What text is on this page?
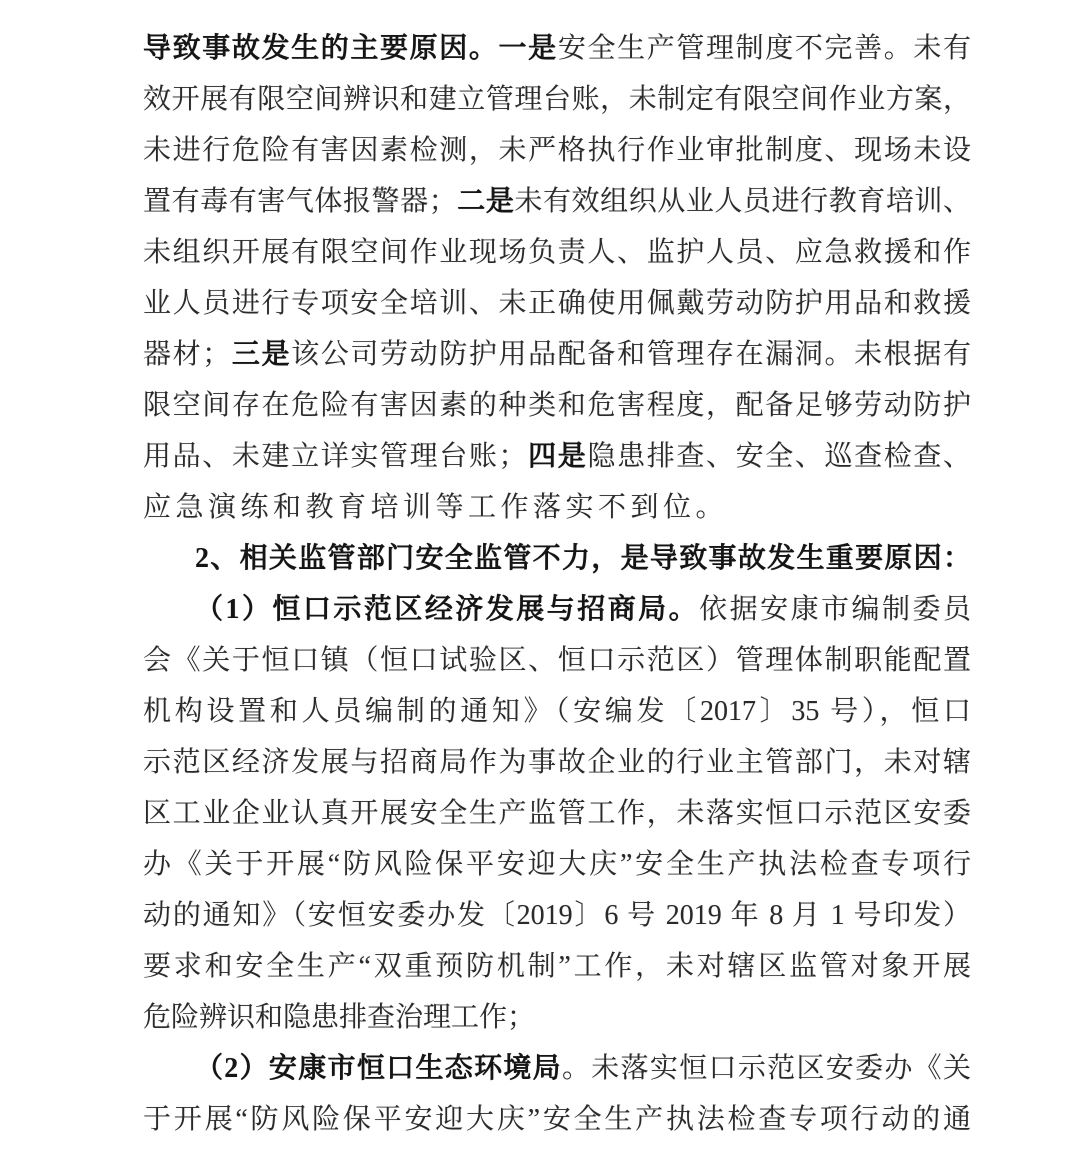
导致事故发生的主要原因。一是安全生产管理制度不完善。未有
效开展有限空间辨识和建立管理台账，未制定有限空间作业方案，
未进行危险有害因素检测，未严格执行作业审批制度、现场未设
置有毒有害气体报警器；二是未有效组织从业人员进行教育培训、
未组织开展有限空间作业现场负责人、监护人员、应急救援和作
业人员进行专项安全培训、未正确使用佩戴劳动防护用品和救援
器材；三是该公司劳动防护用品配备和管理存在漏洞。未根据有
限空间存在危险有害因素的种类和危害程度，配备足够劳动防护
用品、未建立详实管理台账；四是隐患排查、安全、巡查检查、
应急演练和教育培训等工作落实不到位。
2、相关监管部门安全监管不力，是导致事故发生重要原因：
（1）恒口示范区经济发展与招商局。依据安康市编制委员
会《关于恒口镇（恒口试验区、恒口示范区）管理体制职能配置
机构设置和人员编制的通知》（安编发〔2017〕35 号），恒口
示范区经济发展与招商局作为事故企业的行业主管部门，未对辖
区工业企业认真开展安全生产监管工作，未落实恒口示范区安委
办《关于开展“防风险保平安迎大庆”安全生产执法检查专项行
动的通知》（安恒安委办发〔2019〕6 号 2019 年 8 月 1 号印发）
要求和安全生产“双重预防机制”工作，未对辖区监管对象开展
危险辨识和隐患排查治理工作；
（2）安康市恒口生态环境局。未落实恒口示范区安委办《关
于开展“防风险保平安迎大庆”安全生产执法检查专项行动的通
